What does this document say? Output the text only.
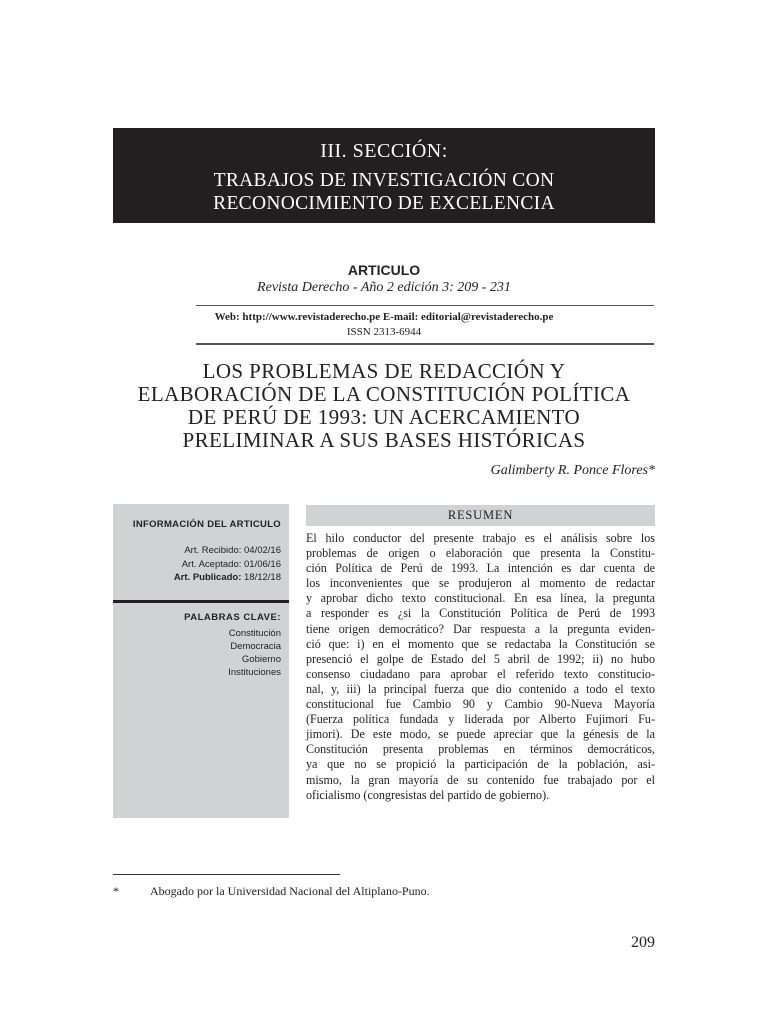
III. SECCIÓN:
TRABAJOS DE INVESTIGACIÓN CON
RECONOCIMIENTO DE EXCELENCIA
ARTICULO
Revista Derecho - Año 2 edición 3: 209 - 231
Web: http://www.revistaderecho.pe E-mail: editorial@revistaderecho.pe
ISSN 2313-6944
LOS PROBLEMAS DE REDACCIÓN Y
ELABORACIÓN DE LA CONSTITUCIÓN POLÍTICA
DE PERÚ DE 1993: UN ACERCAMIENTO
PRELIMINAR A SUS BASES HISTÓRICAS
Galimberty R. Ponce Flores*
INFORMACIÓN DEL ARTICULO
Art. Recibido: 04/02/16
Art. Aceptado: 01/06/16
Art. Publicado: 18/12/18
PALABRAS CLAVE:
Constitución
Democracia
Gobierno
Instituciones
RESUMEN
El hilo conductor del presente trabajo es el análisis sobre los
problemas de origen o elaboración que presenta la Constitu-
ción Política de Perú de 1993. La intención es dar cuenta de
los inconvenientes que se produjeron al momento de redactar
y aprobar dicho texto constitucional. En esa línea, la pregunta
a responder es ¿si la Constitución Política de Perú de 1993
tiene origen democrático? Dar respuesta a la pregunta eviden-
ció que: i) en el momento que se redactaba la Constitución se
presenció el golpe de Estado del 5 abril de 1992; ii) no hubo
consenso ciudadano para aprobar el referido texto constitucio-
nal, y, iii) la principal fuerza que dio contenido a todo el texto
constitucional fue Cambio 90 y Cambio 90-Nueva Mayoría
(Fuerza política fundada y liderada por Alberto Fujimori Fu-
jimori). De este modo, se puede apreciar que la génesis de la
Constitución presenta problemas en términos democráticos,
ya que no se propició la participación de la población, asi-
mismo, la gran mayoría de su contenido fue trabajado por el
oficialismo (congresistas del partido de gobierno).
*	Abogado por la Universidad Nacional del Altiplano-Puno.
209
